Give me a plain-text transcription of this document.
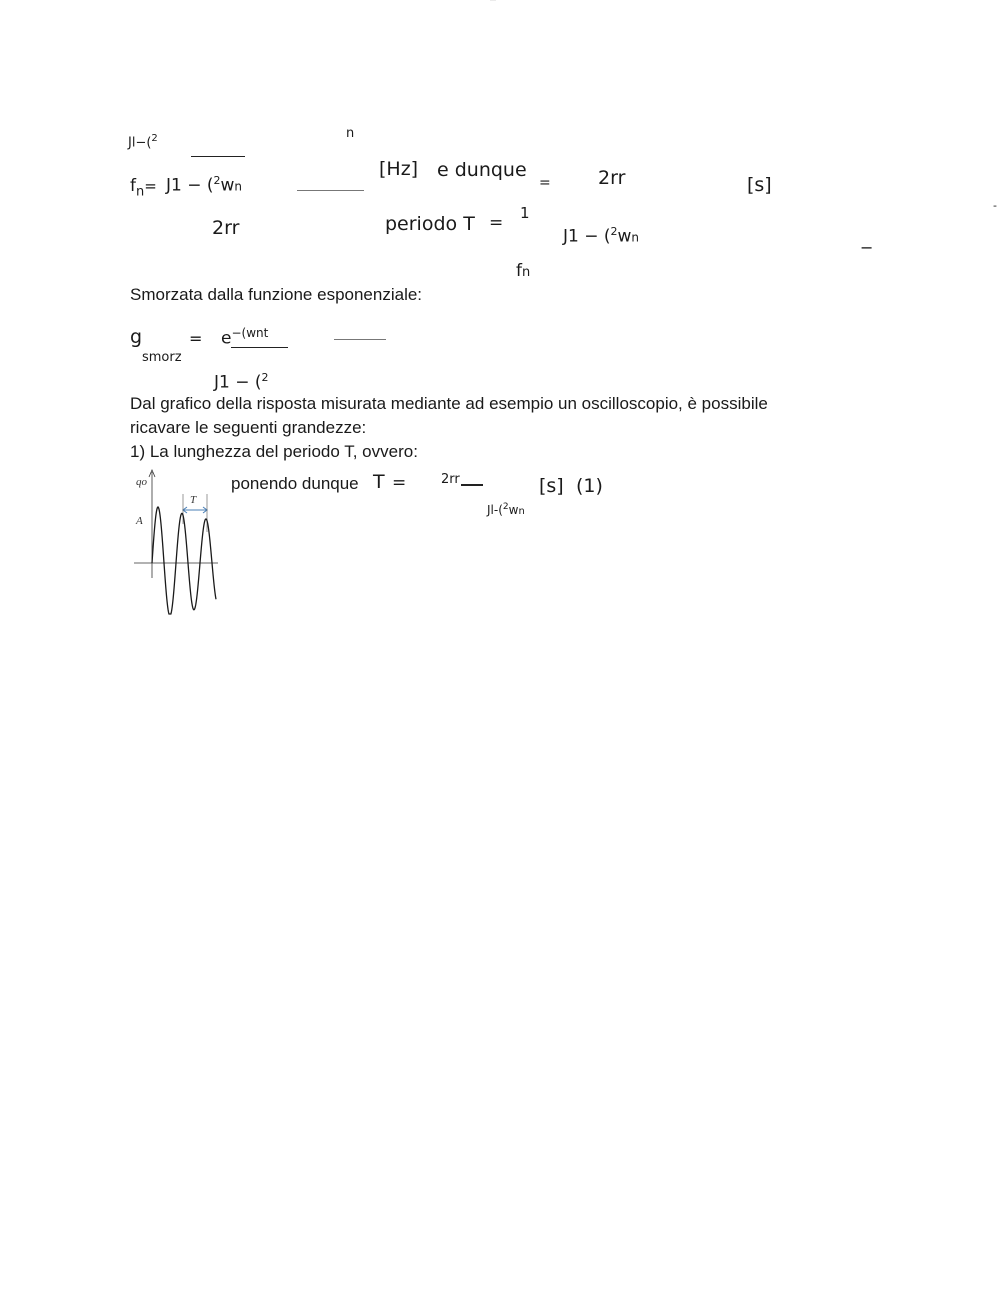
———
Jl−($^2$	n
$f_n= J1 - (^2wn$
[Hz] e dunque
= 2rr	[s]
-
2rr	periodo T = 1
J1 − ($^2$wn
−
fn
Smorzata dalla funzione esponenziale:
g
smorz
= $e^{-(wnt}$
J1 − ($^2$
Dal grafico della risposta misurata mediante ad esempio un oscilloscopio, è possibile
ricavare le seguenti grandezze:
1) La lunghezza del periodo T, ovvero:
qo
A
T
ponendo dunque T =	2rr
Jl-($^2$wn
[s] (1)
